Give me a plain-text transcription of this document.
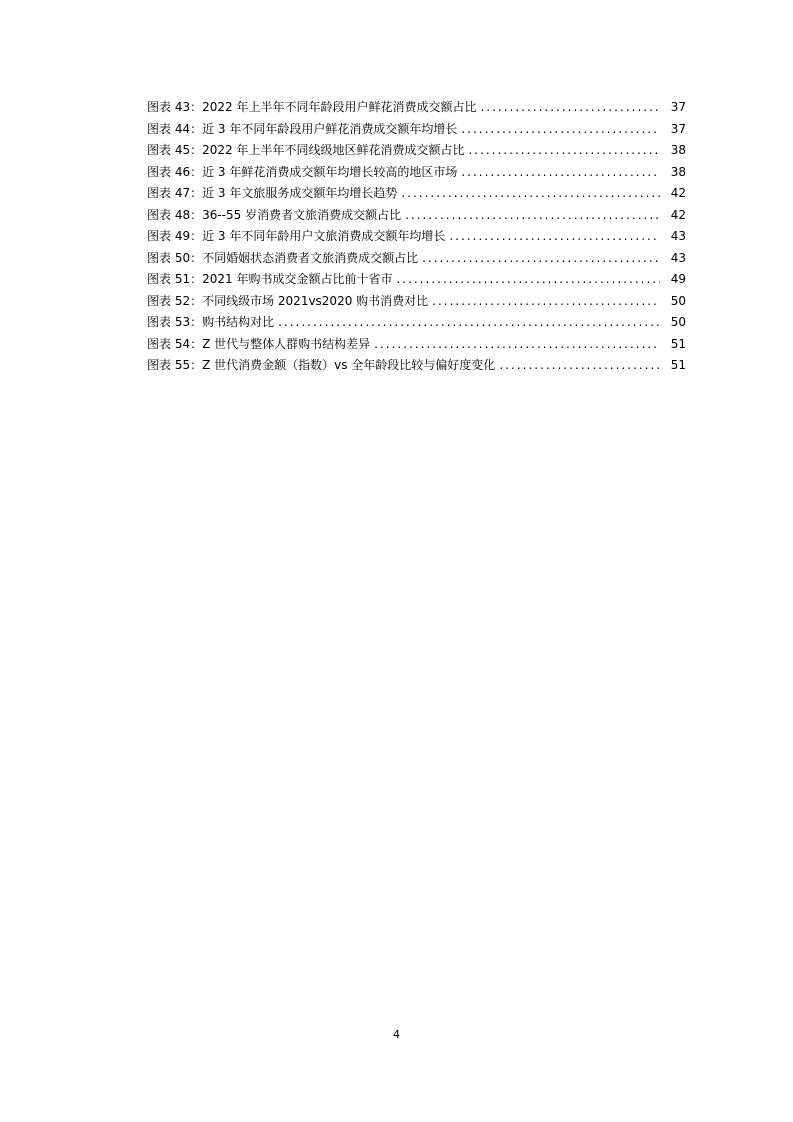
图表 43： 2022 年上半年不同年龄段用户鲜花消费成交额占比 .....	37
图表 44： 近 3 年不同年龄段用户鲜花消费成交额年均增长 .....	37
图表 45： 2022 年上半年不同线级地区鲜花消费成交额占比 .....	38
图表 46： 近 3 年鲜花消费成交额年均增长较高的地区市场 .....	38
图表 47： 近 3 年文旅服务成交额年均增长趋势 .....	42
图表 48： 36--55 岁消费者文旅消费成交额占比 .....	42
图表 49： 近 3 年不同年龄用户文旅消费成交额年均增长 .....	43
图表 50： 不同婚姻状态消费者文旅消费成交额占比 .....	43
图表 51： 2021 年购书成交金额占比前十省市 .....	49
图表 52： 不同线级市场 2021vs2020 购书消费对比 .....	50
图表 53： 购书结构对比 .....	50
图表 54： Z 世代与整体人群购书结构差异 .....	51
图表 55： Z 世代消费金额（指数）vs 全年龄段比较与偏好度变化 .....	51
4
